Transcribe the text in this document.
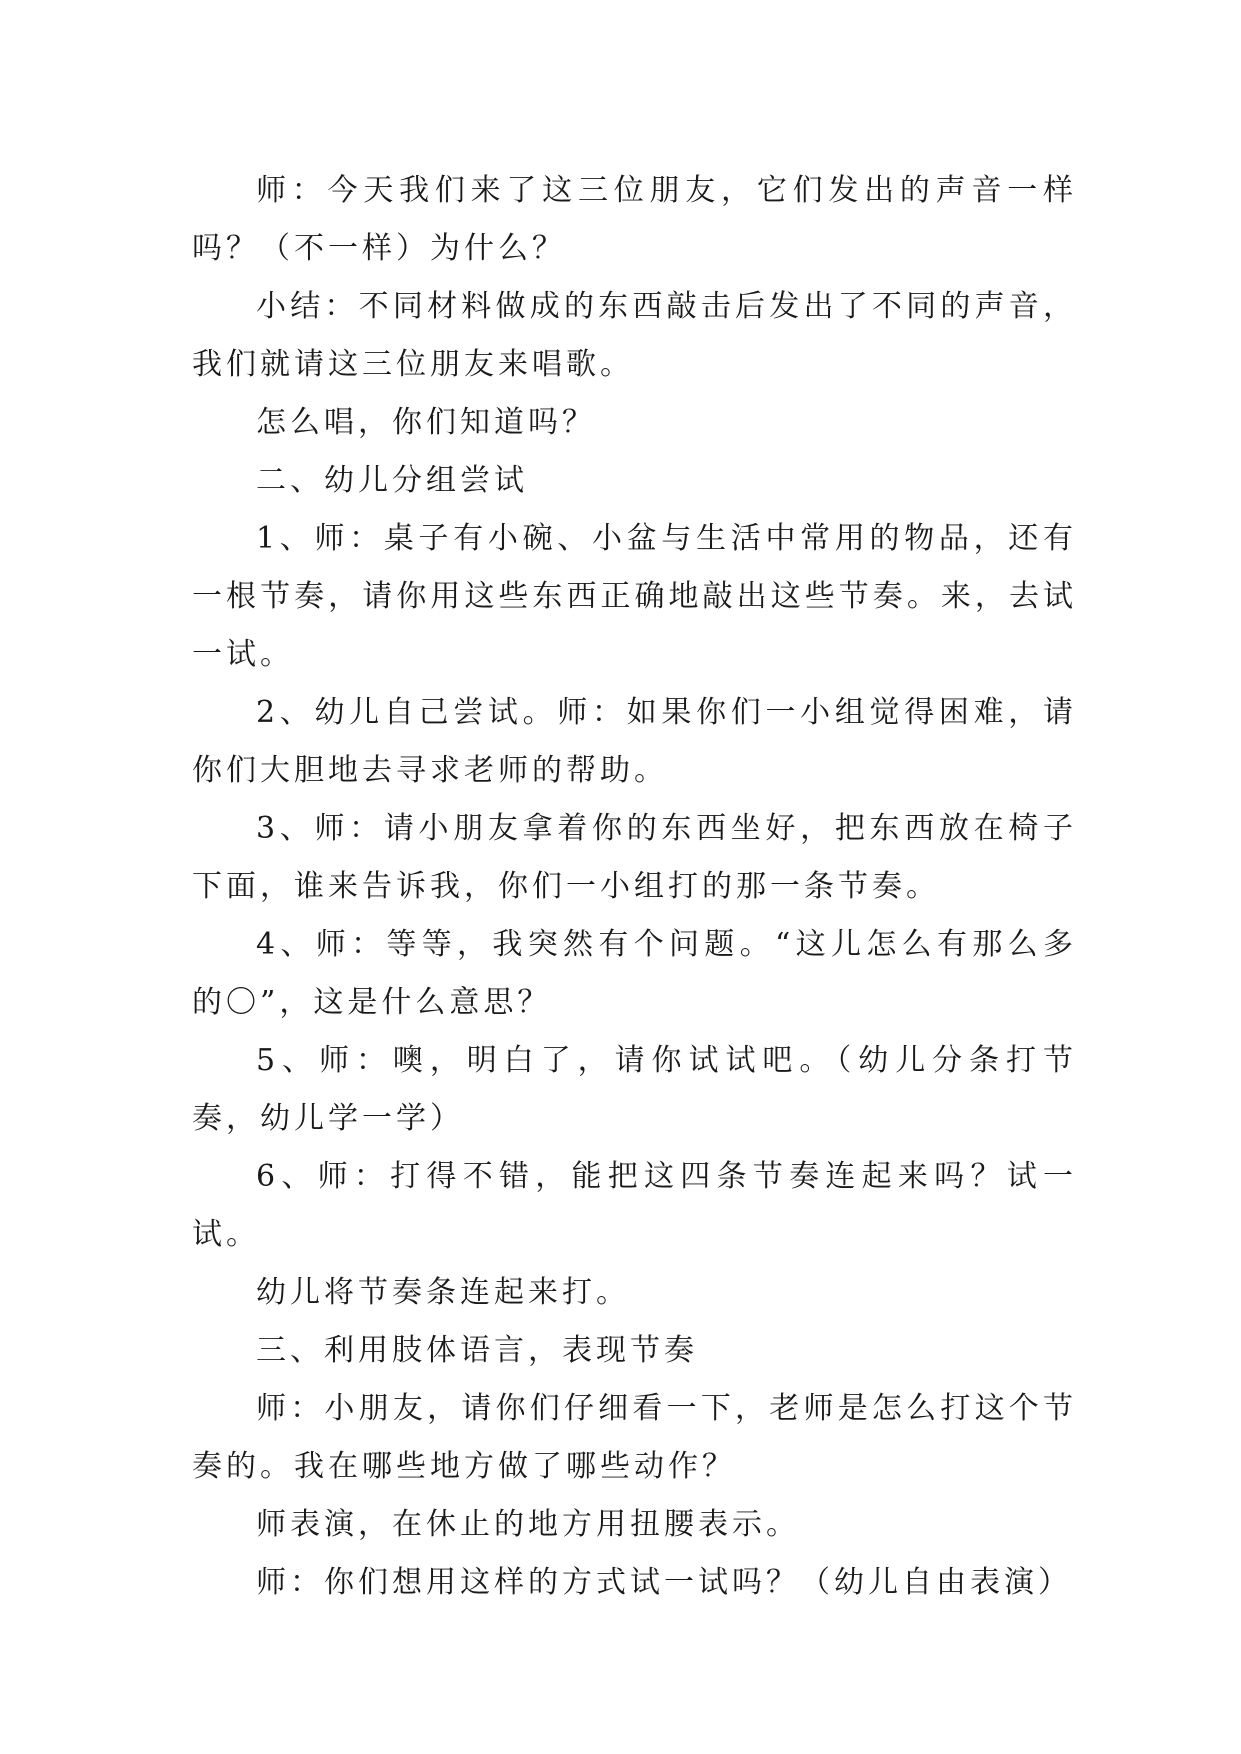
师：今天我们来了这三位朋友，它们发出的声音一样吗？（不一样）为什么？

小结：不同材料做成的东西敲击后发出了不同的声音，我们就请这三位朋友来唱歌。

怎么唱，你们知道吗？

二、幼儿分组尝试

1、师：桌子有小碗、小盆与生活中常用的物品，还有一根节奏，请你用这些东西正确地敲出这些节奏。来，去试一试。

2、幼儿自己尝试。师：如果你们一小组觉得困难，请你们大胆地去寻求老师的帮助。

3、师：请小朋友拿着你的东西坐好，把东西放在椅子下面，谁来告诉我，你们一小组打的那一条节奏。

4、师：等等，我突然有个问题。“这儿怎么有那么多的〇”，这是什么意思？

5、师：噢，明白了，请你试试吧。（幼儿分条打节奏，幼儿学一学）

6、师：打得不错，能把这四条节奏连起来吗？试一试。

幼儿将节奏条连起来打。

三、利用肢体语言，表现节奏

师：小朋友，请你们仔细看一下，老师是怎么打这个节奏的。我在哪些地方做了哪些动作？

师表演，在休止的地方用扭腰表示。

师：你们想用这样的方式试一试吗？（幼儿自由表演）
